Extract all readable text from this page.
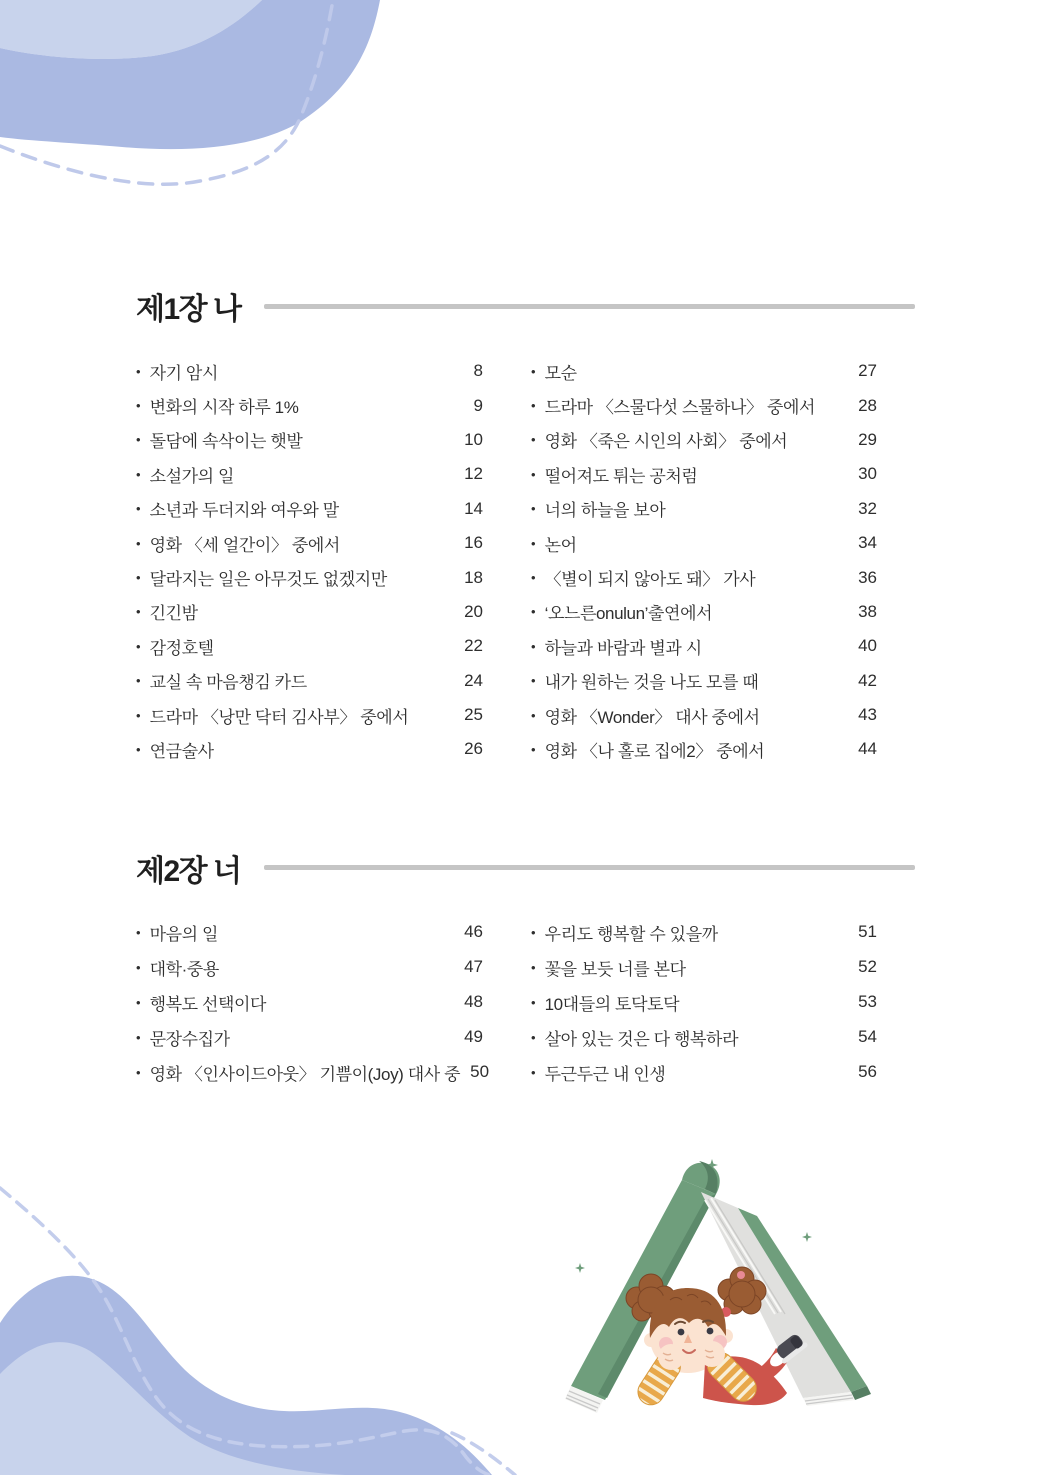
제1장 나
• 자기 암시	8
• 변화의 시작 하루 1%	9
• 돌담에 속삭이는 햇발	10
• 소설가의 일	12
• 소년과 두더지와 여우와 말	14
• 영화 〈세 얼간이〉 중에서	16
• 달라지는 일은 아무것도 없겠지만	18
• 긴긴밤	20
• 감정호텔	22
• 교실 속 마음챙김 카드	24
• 드라마 〈낭만 닥터 김사부〉 중에서	25
• 연금술사	26
• 모순	27
• 드라마 〈스물다섯 스물하나〉 중에서	28
• 영화 〈죽은 시인의 사회〉 중에서	29
• 떨어져도 튀는 공처럼	30
• 너의 하늘을 보아	32
• 논어	34
• 〈별이 되지 않아도 돼〉 가사	36
• ‘오느른onulun’출연에서	38
• 하늘과 바람과 별과 시	40
• 내가 원하는 것을 나도 모를 때	42
• 영화 〈Wonder〉 대사 중에서	43
• 영화 〈나 홀로 집에2〉 중에서	44
제2장 너
• 마음의 일	46
• 대학·중용	47
• 행복도 선택이다	48
• 문장수집가	49
• 영화 〈인사이드아웃〉 기쁨이(Joy) 대사 중 50
• 우리도 행복할 수 있을까	51
• 꽃을 보듯 너를 본다	52
• 10대들의 토닥토닥	53
• 살아 있는 것은 다 행복하라	54
• 두근두근 내 인생	56
